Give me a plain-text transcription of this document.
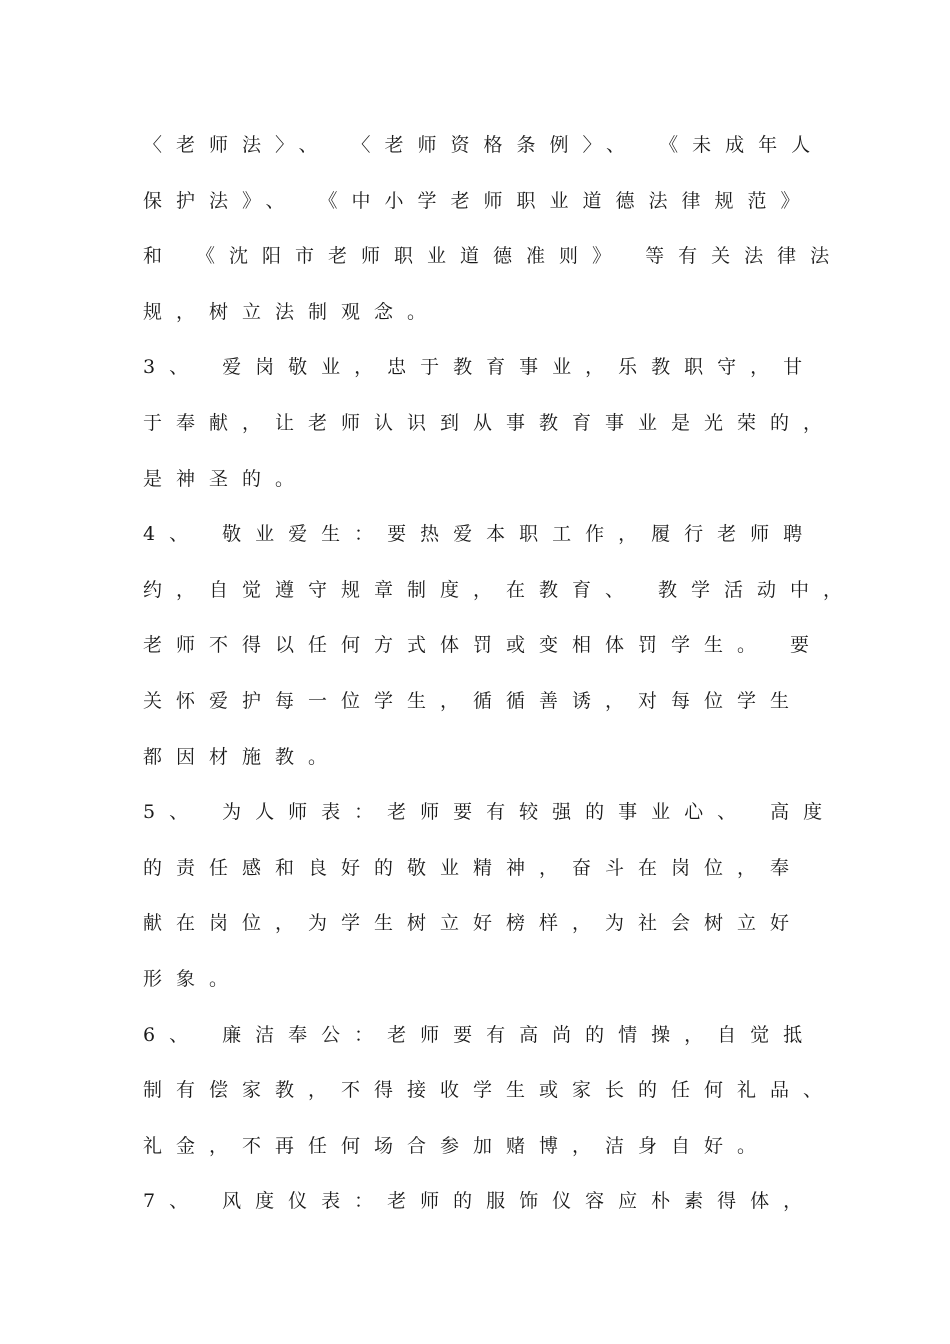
〈老师法〉、 〈老师资格条例〉、 《未成年人
保护法》、 《中小学老师职业道德法律规范》
和 《沈阳市老师职业道德准则》 等有关法律法
规，树立法制观念。
3、 爱岗敬业，忠于教育事业，乐教职守，甘
于奉献，让老师认识到从事教育事业是光荣的，
是神圣的。
4、 敬业爱生：要热爱本职工作，履行老师聘
约，自觉遵守规章制度，在教育、 教学活动中，
老师不得以任何方式体罚或变相体罚学生。 要
关怀爱护每一位学生，循循善诱，对每位学生
都因材施教。
5、 为人师表：老师要有较强的事业心、 高度
的责任感和良好的敬业精神，奋斗在岗位，奉
献在岗位，为学生树立好榜样，为社会树立好
形象。
6、 廉洁奉公：老师要有高尚的情操，自觉抵
制有偿家教，不得接收学生或家长的任何礼品、
礼金，不再任何场合参加赌博，洁身自好。
7、 风度仪表：老师的服饰仪容应朴素得体，
